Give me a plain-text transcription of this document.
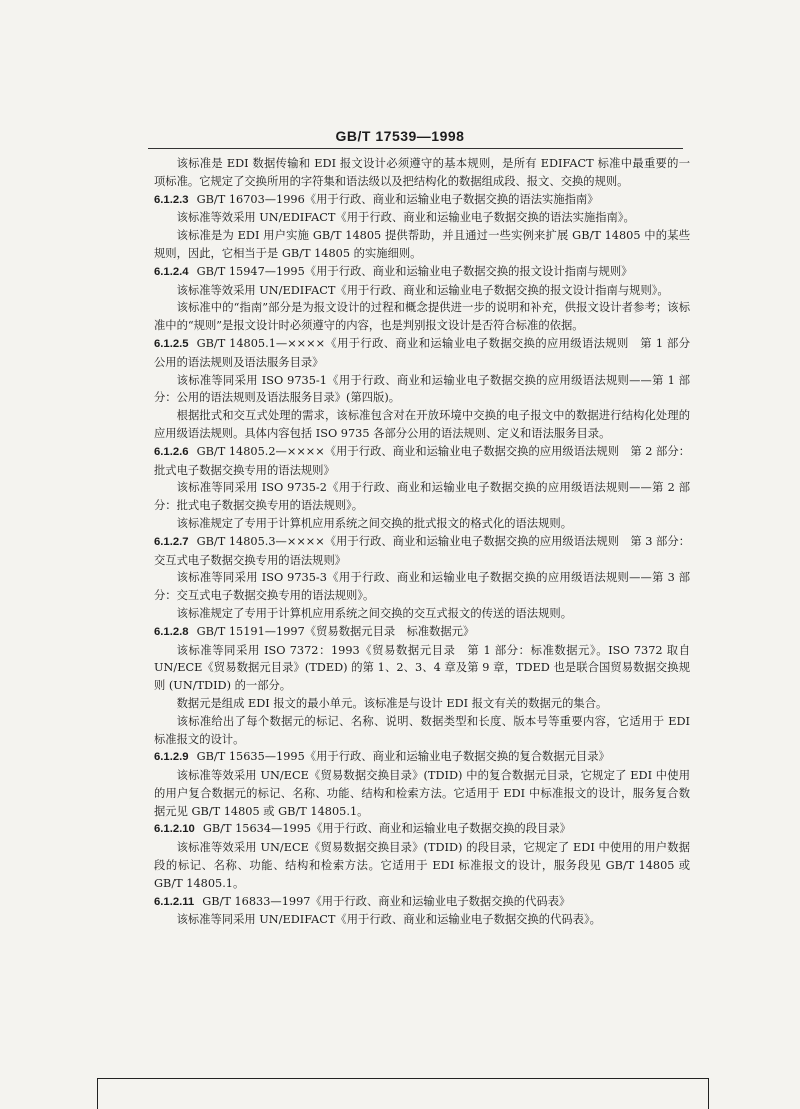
GB/T 17539—1998

该标准是 EDI 数据传输和 EDI 报文设计必须遵守的基本规则，是所有 EDIFACT 标准中最重要的一项标准。它规定了交换所用的字符集和语法级以及把结构化的数据组成段、报文、交换的规则。

6.1.2.3 GB/T 16703—1996《用于行政、商业和运输业电子数据交换的语法实施指南》

该标准等效采用 UN/EDIFACT《用于行政、商业和运输业电子数据交换的语法实施指南》。

该标准是为 EDI 用户实施 GB/T 14805 提供帮助，并且通过一些实例来扩展 GB/T 14805 中的某些规则，因此，它相当于是 GB/T 14805 的实施细则。

6.1.2.4 GB/T 15947—1995《用于行政、商业和运输业电子数据交换的报文设计指南与规则》

该标准等效采用 UN/EDIFACT《用于行政、商业和运输业电子数据交换的报文设计指南与规则》。

该标准中的“指南”部分是为报文设计的过程和概念提供进一步的说明和补充，供报文设计者参考；该标准中的“规则”是报文设计时必须遵守的内容，也是判别报文设计是否符合标准的依据。

6.1.2.5 GB/T 14805.1—××××《用于行政、商业和运输业电子数据交换的应用级语法规则　第 1 部分　公用的语法规则及语法服务目录》

该标准等同采用 ISO 9735-1《用于行政、商业和运输业电子数据交换的应用级语法规则——第 1 部分：公用的语法规则及语法服务目录》(第四版)。

根据批式和交互式处理的需求，该标准包含对在开放环境中交换的电子报文中的数据进行结构化处理的应用级语法规则。具体内容包括 ISO 9735 各部分公用的语法规则、定义和语法服务目录。

6.1.2.6 GB/T 14805.2—××××《用于行政、商业和运输业电子数据交换的应用级语法规则　第 2 部分：批式电子数据交换专用的语法规则》

该标准等同采用 ISO 9735-2《用于行政、商业和运输业电子数据交换的应用级语法规则——第 2 部分：批式电子数据交换专用的语法规则》。

该标准规定了专用于计算机应用系统之间交换的批式报文的格式化的语法规则。

6.1.2.7 GB/T 14805.3—××××《用于行政、商业和运输业电子数据交换的应用级语法规则　第 3 部分：交互式电子数据交换专用的语法规则》

该标准等同采用 ISO 9735-3《用于行政、商业和运输业电子数据交换的应用级语法规则——第 3 部分：交互式电子数据交换专用的语法规则》。

该标准规定了专用于计算机应用系统之间交换的交互式报文的传送的语法规则。

6.1.2.8 GB/T 15191—1997《贸易数据元目录　标准数据元》

该标准等同采用 ISO 7372：1993《贸易数据元目录　第 1 部分：标准数据元》。ISO 7372 取自 UN/ECE《贸易数据元目录》(TDED) 的第 1、2、3、4 章及第 9 章，TDED 也是联合国贸易数据交换规则 (UN/TDID) 的一部分。

数据元是组成 EDI 报文的最小单元。该标准是与设计 EDI 报文有关的数据元的集合。

该标准给出了每个数据元的标记、名称、说明、数据类型和长度、版本号等重要内容，它适用于 EDI 标准报文的设计。

6.1.2.9 GB/T 15635—1995《用于行政、商业和运输业电子数据交换的复合数据元目录》

该标准等效采用 UN/ECE《贸易数据交换目录》(TDID) 中的复合数据元目录，它规定了 EDI 中使用的用户复合数据元的标记、名称、功能、结构和检索方法。它适用于 EDI 中标准报文的设计，服务复合数据元见 GB/T 14805 或 GB/T 14805.1。

6.1.2.10 GB/T 15634—1995《用于行政、商业和运输业电子数据交换的段目录》

该标准等效采用 UN/ECE《贸易数据交换目录》(TDID) 的段目录，它规定了 EDI 中使用的用户数据段的标记、名称、功能、结构和检索方法。它适用于 EDI 标准报文的设计，服务段见 GB/T 14805 或 GB/T 14805.1。

6.1.2.11 GB/T 16833—1997《用于行政、商业和运输业电子数据交换的代码表》

该标准等同采用 UN/EDIFACT《用于行政、商业和运输业电子数据交换的代码表》。
